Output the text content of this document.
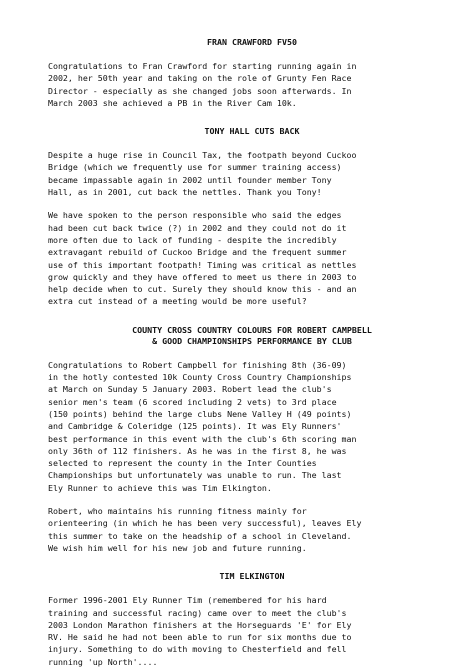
FRAN CRAWFORD FV50
Congratulations to Fran Crawford for starting running again in
2002, her 50th year and taking on the role of Grunty Fen Race
Director - especially as she changed jobs soon afterwards. In
March 2003 she achieved a PB in the River Cam 10k.
TONY HALL CUTS BACK
Despite a huge rise in Council Tax, the footpath beyond Cuckoo
Bridge (which we frequently use for summer training access)
became impassable again in 2002 until founder member Tony
Hall, as in 2001, cut back the nettles. Thank you Tony!
We have spoken to the person responsible who said the edges
had been cut back twice (?) in 2002 and they could not do it
more often due to lack of funding - despite the incredibly
extravagant rebuild of Cuckoo Bridge and the frequent summer
use of this important footpath! Timing was critical as nettles
grow quickly and they have offered to meet us there in 2003 to
help decide when to cut. Surely they should know this - and an
extra cut instead of a meeting would be more useful?
COUNTY CROSS COUNTRY COLOURS FOR ROBERT CAMPBELL
& GOOD CHAMPIONSHIPS PERFORMANCE BY CLUB
Congratulations to Robert Campbell for finishing 8th (36-09)
in the hotly contested 10k County Cross Country Championships
at March on Sunday 5 January 2003. Robert lead the club's
senior men's team (6 scored including 2 vets) to 3rd place
(150 points) behind the large clubs Nene Valley H (49 points)
and Cambridge & Coleridge (125 points). It was Ely Runners'
best performance in this event with the club's 6th scoring man
only 36th of 112 finishers. As he was in the first 8, he was
selected to represent the county in the Inter Counties
Championships but unfortunately was unable to run. The last
Ely Runner to achieve this was Tim Elkington.
Robert, who maintains his running fitness mainly for
orienteering (in which he has been very successful), leaves Ely
this summer to take on the headship of a school in Cleveland.
We wish him well for his new job and future running.
TIM ELKINGTON
Former 1996-2001 Ely Runner Tim (remembered for his hard
training and successful racing) came over to meet the club's
2003 London Marathon finishers at the Horseguards 'E' for Ely
RV. He said he had not been able to run for six months due to
injury. Something to do with moving to Chesterfield and fell
running 'up North'....
